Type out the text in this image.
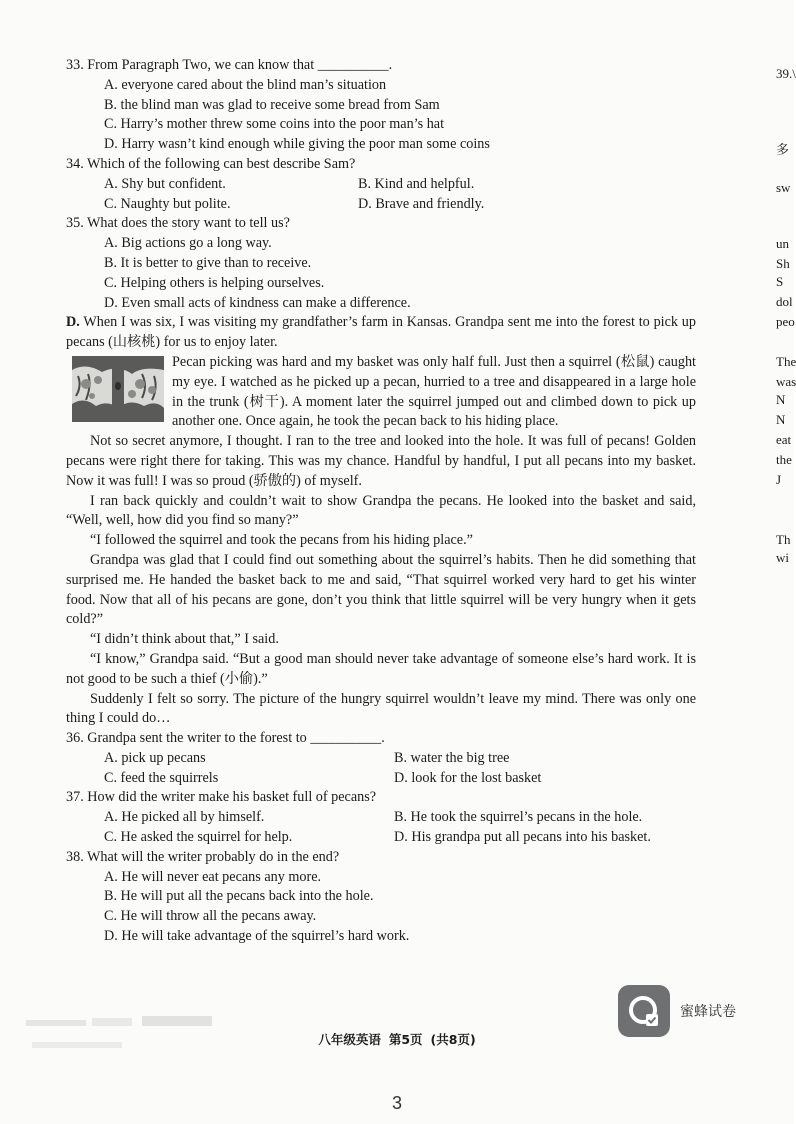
33. From Paragraph Two, we can know that __________.

A. everyone cared about the blind man’s situation

B. the blind man was glad to receive some bread from Sam

C. Harry’s mother threw some coins into the poor man’s hat

D. Harry wasn’t kind enough while giving the poor man some coins

34. Which of the following can best describe Sam?

A. Shy but confident.	B. Kind and helpful.
C. Naughty but polite.	D. Brave and friendly.

35. What does the story want to tell us?

A. Big actions go a long way.

B. It is better to give than to receive.

C. Helping others is helping ourselves.

D. Even small acts of kindness can make a difference.

D. When I was six, I was visiting my grandfather’s farm in Kansas. Grandpa sent me into the forest to pick up pecans (山核桃) for us to enjoy later.

Pecan picking was hard and my basket was only half full. Just then a squirrel (松鼠) caught my eye. I watched as he picked up a pecan, hurried to a tree and disappeared in a large hole in the trunk (树干). A moment later the squirrel jumped out and climbed down to pick up another one. Once again, he took the pecan back to his hiding place.

Not so secret anymore, I thought. I ran to the tree and looked into the hole. It was full of pecans! Golden pecans were right there for taking. This was my chance. Handful by handful, I put all pecans into my basket. Now it was full! I was so proud (骄傲的) of myself.

I ran back quickly and couldn’t wait to show Grandpa the pecans. He looked into the basket and said, “Well, well, how did you find so many?”

“I followed the squirrel and took the pecans from his hiding place.”

Grandpa was glad that I could find out something about the squirrel’s habits. Then he did something that surprised me. He handed the basket back to me and said, “That squirrel worked very hard to get his winter food. Now that all of his pecans are gone, don’t you think that little squirrel will be very hungry when it gets cold?”

“I didn’t think about that,” I said.

“I know,” Grandpa said. “But a good man should never take advantage of someone else’s hard work. It is not good to be such a thief (小偷).”

Suddenly I felt so sorry. The picture of the hungry squirrel wouldn’t leave my mind. There was only one thing I could do…

36. Grandpa sent the writer to the forest to __________.

A. pick up pecans	B. water the big tree
C. feed the squirrels	D. look for the lost basket

37. How did the writer make his basket full of pecans?

A. He picked all by himself.	B. He took the squirrel’s pecans in the hole.
C. He asked the squirrel for help.	D. His grandpa put all pecans into his basket.

38. What will the writer probably do in the end?

A. He will never eat pecans any more.

B. He will put all the pecans back into the hole.

C. He will throw all the pecans away.

D. He will take advantage of the squirrel’s hard work.

39.\
多
sw
un
Sh
S
dol
peo
The
was
N
N
eat
the
J
Th
wi
蜜蜂试卷
八年级英语 第5页 (共8页)
3
